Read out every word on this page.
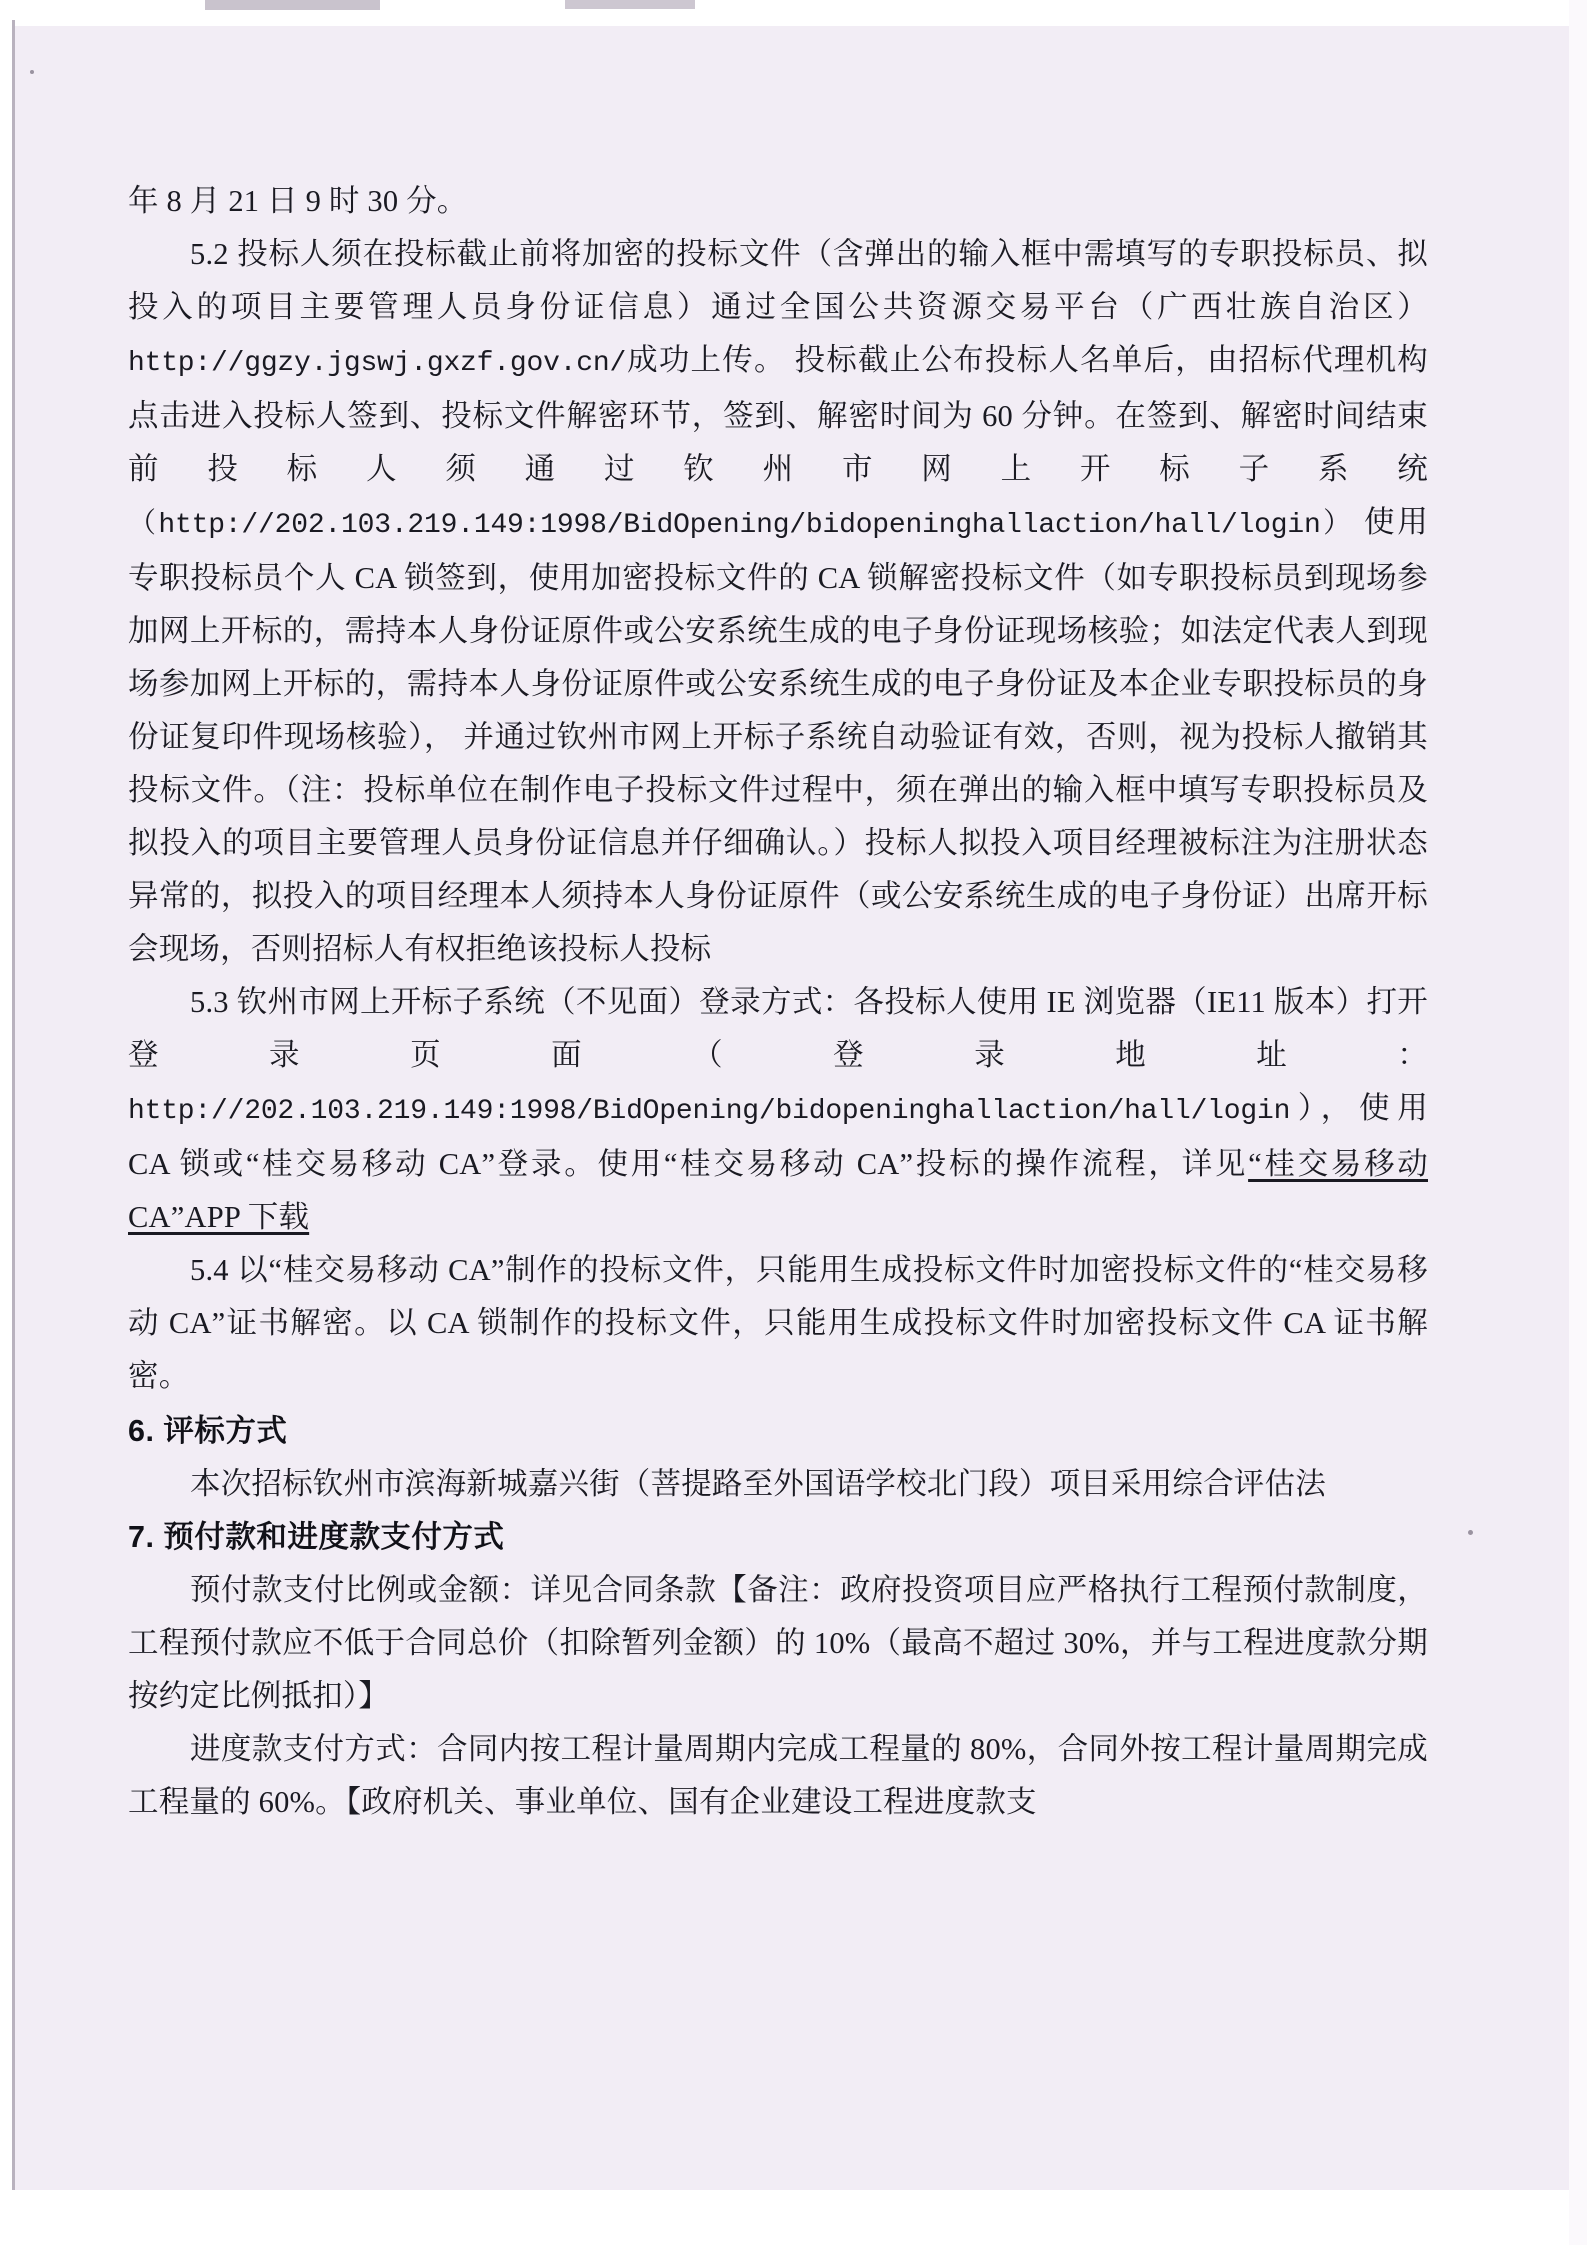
年 8 月 21 日 9 时 30 分。

5.2 投标人须在投标截止前将加密的投标文件（含弹出的输入框中需填写的专职投标员、拟投入的项目主要管理人员身份证信息）通过全国公共资源交易平台（广西壮族自治区）http://ggzy.jgswj.gxzf.gov.cn/成功上传。 投标截止公布投标人名单后，由招标代理机构点击进入投标人签到、投标文件解密环节，签到、解密时间为 60 分钟。在签到、解密时间结束前投标人须通过钦州市网上开标子系统（http://202.103.219.149:1998/BidOpening/bidopeninghallaction/hall/login） 使用专职投标员个人 CA 锁签到，使用加密投标文件的 CA 锁解密投标文件（如专职投标员到现场参加网上开标的，需持本人身份证原件或公安系统生成的电子身份证现场核验；如法定代表人到现场参加网上开标的，需持本人身份证原件或公安系统生成的电子身份证及本企业专职投标员的身份证复印件现场核验）， 并通过钦州市网上开标子系统自动验证有效，否则，视为投标人撤销其投标文件。（注：投标单位在制作电子投标文件过程中，须在弹出的输入框中填写专职投标员及拟投入的项目主要管理人员身份证信息并仔细确认。）投标人拟投入项目经理被标注为注册状态异常的，拟投入的项目经理本人须持本人身份证原件（或公安系统生成的电子身份证）出席开标会现场，否则招标人有权拒绝该投标人投标

5.3 钦州市网上开标子系统（不见面）登录方式：各投标人使用 IE 浏览器（IE11 版本）打开登录页面（登录地址：http://202.103.219.149:1998/BidOpening/bidopeninghallaction/hall/login），使用 CA 锁或“桂交易移动 CA”登录。使用“桂交易移动 CA”投标的操作流程，详见“桂交易移动 CA”APP 下载

5.4 以“桂交易移动 CA”制作的投标文件，只能用生成投标文件时加密投标文件的“桂交易移动 CA”证书解密。以 CA 锁制作的投标文件，只能用生成投标文件时加密投标文件 CA 证书解密。

6. 评标方式

本次招标钦州市滨海新城嘉兴街（菩提路至外国语学校北门段）项目采用综合评估法

7. 预付款和进度款支付方式

预付款支付比例或金额：详见合同条款【备注：政府投资项目应严格执行工程预付款制度，工程预付款应不低于合同总价（扣除暂列金额）的 10%（最高不超过 30%，并与工程进度款分期按约定比例抵扣）】

进度款支付方式：合同内按工程计量周期内完成工程量的 80%，合同外按工程计量周期完成工程量的 60%。【政府机关、事业单位、国有企业建设工程进度款支
